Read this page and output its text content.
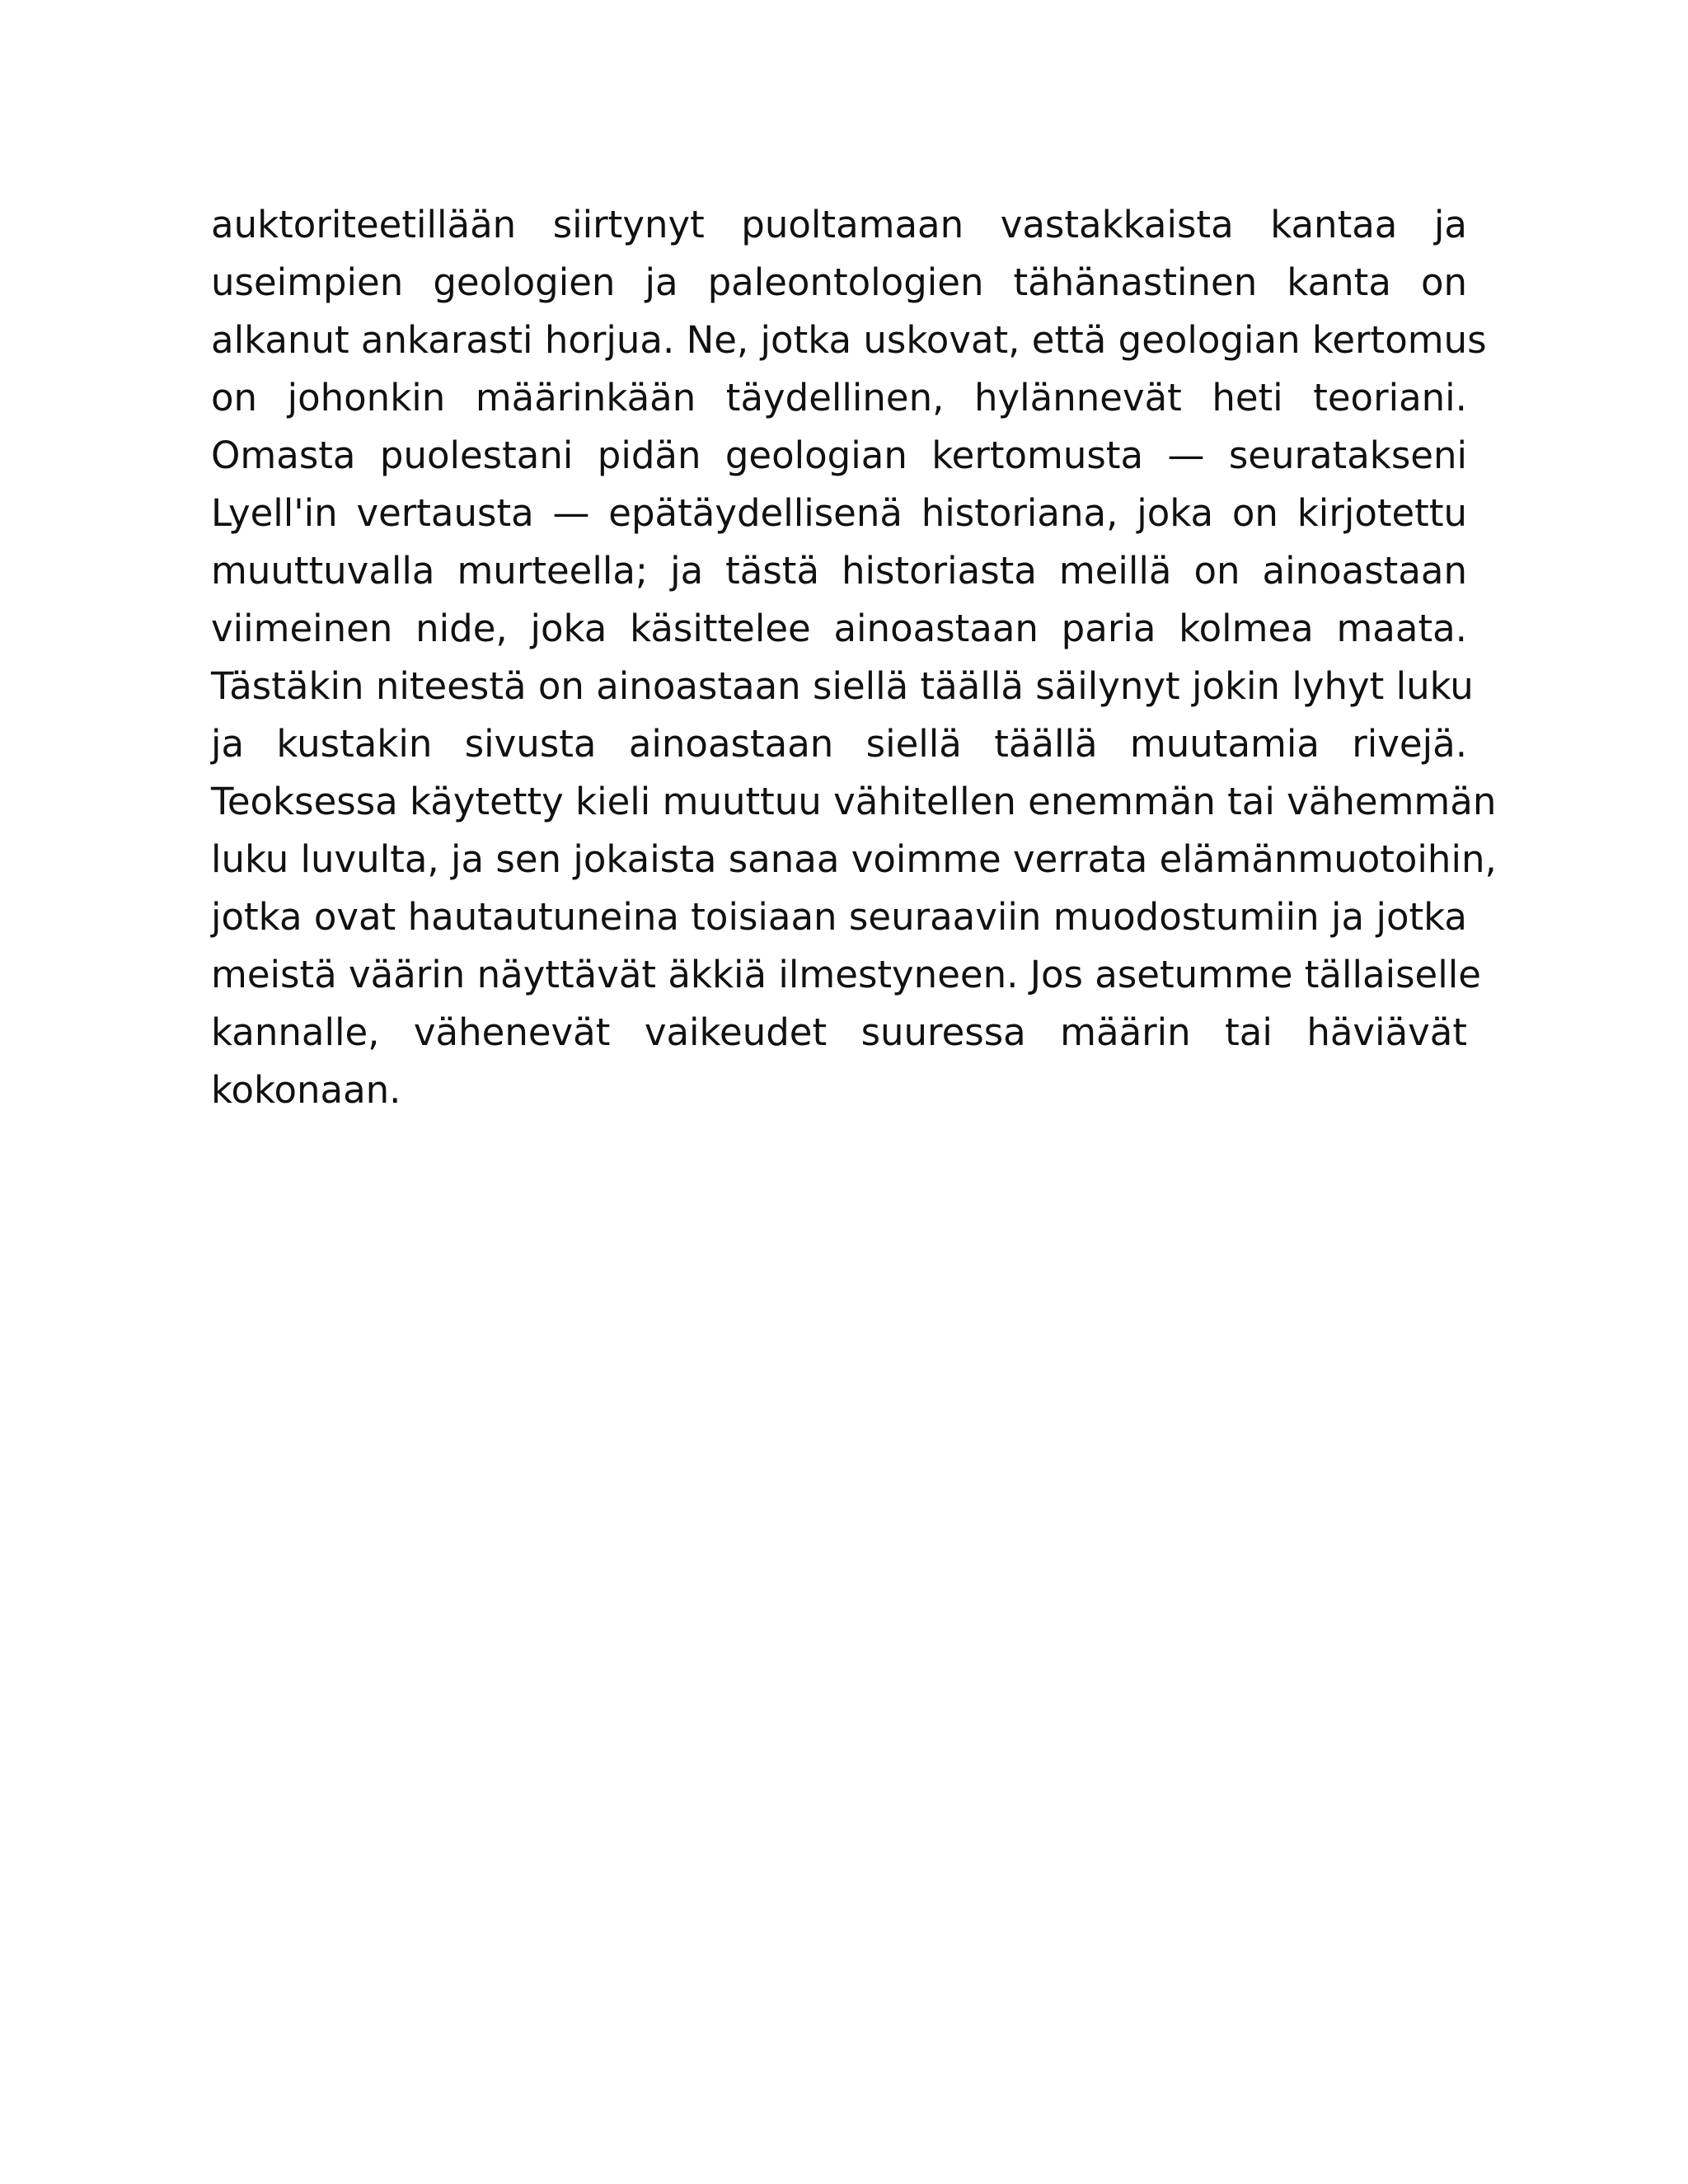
auktoriteetillään siirtynyt puoltamaan vastakkaista kantaa ja
useimpien geologien ja paleontologien tähänastinen kanta on
alkanut ankarasti horjua. Ne, jotka uskovat, että geologian kertomus
on johonkin määrinkään täydellinen, hylännevät heti teoriani.
Omasta puolestani pidän geologian kertomusta — seuratakseni
Lyell'in vertausta — epätäydellisenä historiana, joka on kirjotettu
muuttuvalla murteella; ja tästä historiasta meillä on ainoastaan
viimeinen nide, joka käsittelee ainoastaan paria kolmea maata.
Tästäkin niteestä on ainoastaan siellä täällä säilynyt jokin lyhyt luku
ja kustakin sivusta ainoastaan siellä täällä muutamia rivejä.
Teoksessa käytetty kieli muuttuu vähitellen enemmän tai vähemmän
luku luvulta, ja sen jokaista sanaa voimme verrata elämänmuotoihin,
jotka ovat hautautuneina toisiaan seuraaviin muodostumiin ja jotka
meistä väärin näyttävät äkkiä ilmestyneen. Jos asetumme tällaiselle
kannalle, vähenevät vaikeudet suuressa määrin tai häviävät
kokonaan.
